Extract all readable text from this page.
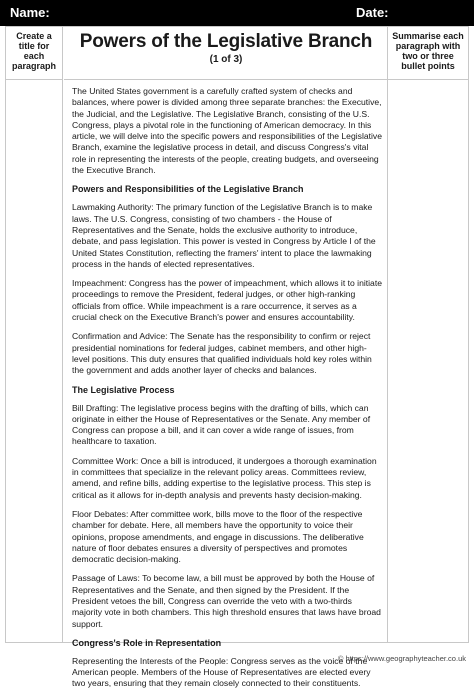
Name:	Date:
Create a title for each paragraph
Powers of the Legislative Branch
(1 of 3)

The United States government is a carefully crafted system of checks and balances, where power is divided among three separate branches: the Executive, the Judicial, and the Legislative. The Legislative Branch, consisting of the U.S. Congress, plays a pivotal role in the functioning of American democracy. In this article, we will delve into the specific powers and responsibilities of the Legislative Branch, examine the legislative process in detail, and discuss Congress's vital role in representing the interests of the people, creating budgets, and overseeing the Executive Branch.

Powers and Responsibilities of the Legislative Branch

Lawmaking Authority: The primary function of the Legislative Branch is to make laws. The U.S. Congress, consisting of two chambers - the House of Representatives and the Senate, holds the exclusive authority to introduce, debate, and pass legislation. This power is vested in Congress by Article I of the United States Constitution, reflecting the framers' intent to place the lawmaking process in the hands of elected representatives.

Impeachment: Congress has the power of impeachment, which allows it to initiate proceedings to remove the President, federal judges, or other high-ranking officials from office. While impeachment is a rare occurrence, it serves as a crucial check on the Executive Branch's power and ensures accountability.

Confirmation and Advice: The Senate has the responsibility to confirm or reject presidential nominations for federal judges, cabinet members, and other high-level positions. This duty ensures that qualified individuals hold key roles within the government and adds another layer of checks and balances.

The Legislative Process

Bill Drafting: The legislative process begins with the drafting of bills, which can originate in either the House of Representatives or the Senate. Any member of Congress can propose a bill, and it can cover a wide range of issues, from healthcare to taxation.

Committee Work: Once a bill is introduced, it undergoes a thorough examination in committees that specialize in the relevant policy areas. Committees review, amend, and refine bills, adding expertise to the legislative process. This step is critical as it allows for in-depth analysis and prevents hasty decision-making.

Floor Debates: After committee work, bills move to the floor of the respective chamber for debate. Here, all members have the opportunity to voice their opinions, propose amendments, and engage in discussions. The deliberative nature of floor debates ensures a diversity of perspectives and promotes democratic decision-making.

Passage of Laws: To become law, a bill must be approved by both the House of Representatives and the Senate, and then signed by the President. If the President vetoes the bill, Congress can override the veto with a two-thirds majority vote in both chambers. This high threshold ensures that laws have broad support.

Congress's Role in Representation

Representing the Interests of the People: Congress serves as the voice of the American people. Members of the House of Representatives are elected every two years, ensuring that they remain closely connected to their constituents.

Summarise each paragraph with two or three bullet points
© https://www.geographyteacher.co.uk
